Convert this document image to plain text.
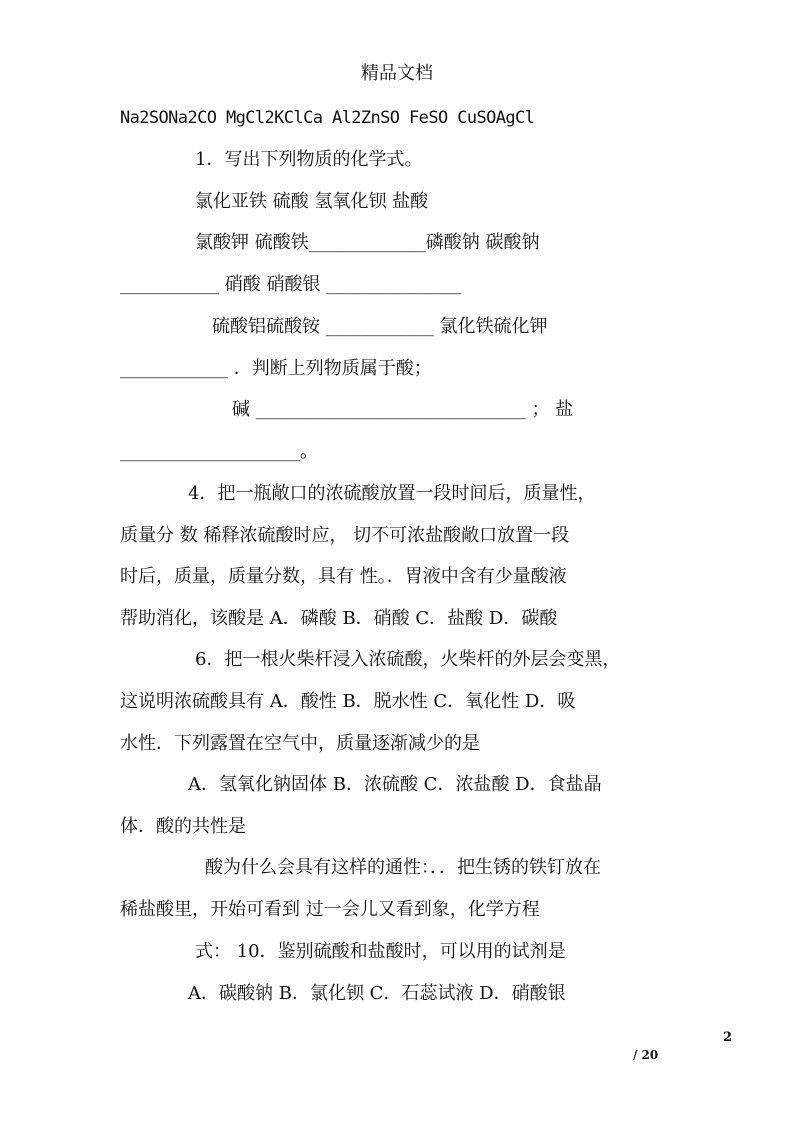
精品文档
Na2SONa2CO MgCl2KClCa Al2ZnSO FeSO CuSOAgCl
1．写出下列物质的化学式。
氯化亚铁 硫酸 氢氧化钡 盐酸
氯酸钾 硫酸铁_____________磷酸钠 碳酸钠
___________ 硝酸 硝酸银 _______________
硫酸铝硫酸铵 ____________ 氯化铁硫化钾
____________ ．判断上列物质属于酸；
碱 ______________________________ ； 盐
____________________。
4．把一瓶敞口的浓硫酸放置一段时间后，质量性，
质量分 数 稀释浓硫酸时应， 切不可浓盐酸敞口放置一段
时后，质量，质量分数，具有 性。．胃液中含有少量酸液
帮助消化，该酸是 A．磷酸 B．硝酸 C．盐酸 D．碳酸
6．把一根火柴杆浸入浓硫酸，火柴杆的外层会变黑，
这说明浓硫酸具有 A．酸性 B．脱水性 C．氧化性 D．吸
水性．下列露置在空气中，质量逐渐减少的是
A．氢氧化钠固体 B．浓硫酸 C．浓盐酸 D．食盐晶
体．酸的共性是
酸为什么会具有这样的通性：．．把生锈的铁钉放在
稀盐酸里，开始可看到 过一会儿又看到象，化学方程
式： 10．鉴别硫酸和盐酸时，可以用的试剂是
A．碳酸钠 B．氯化钡 C．石蕊试液 D．硝酸银
2
/ 20
